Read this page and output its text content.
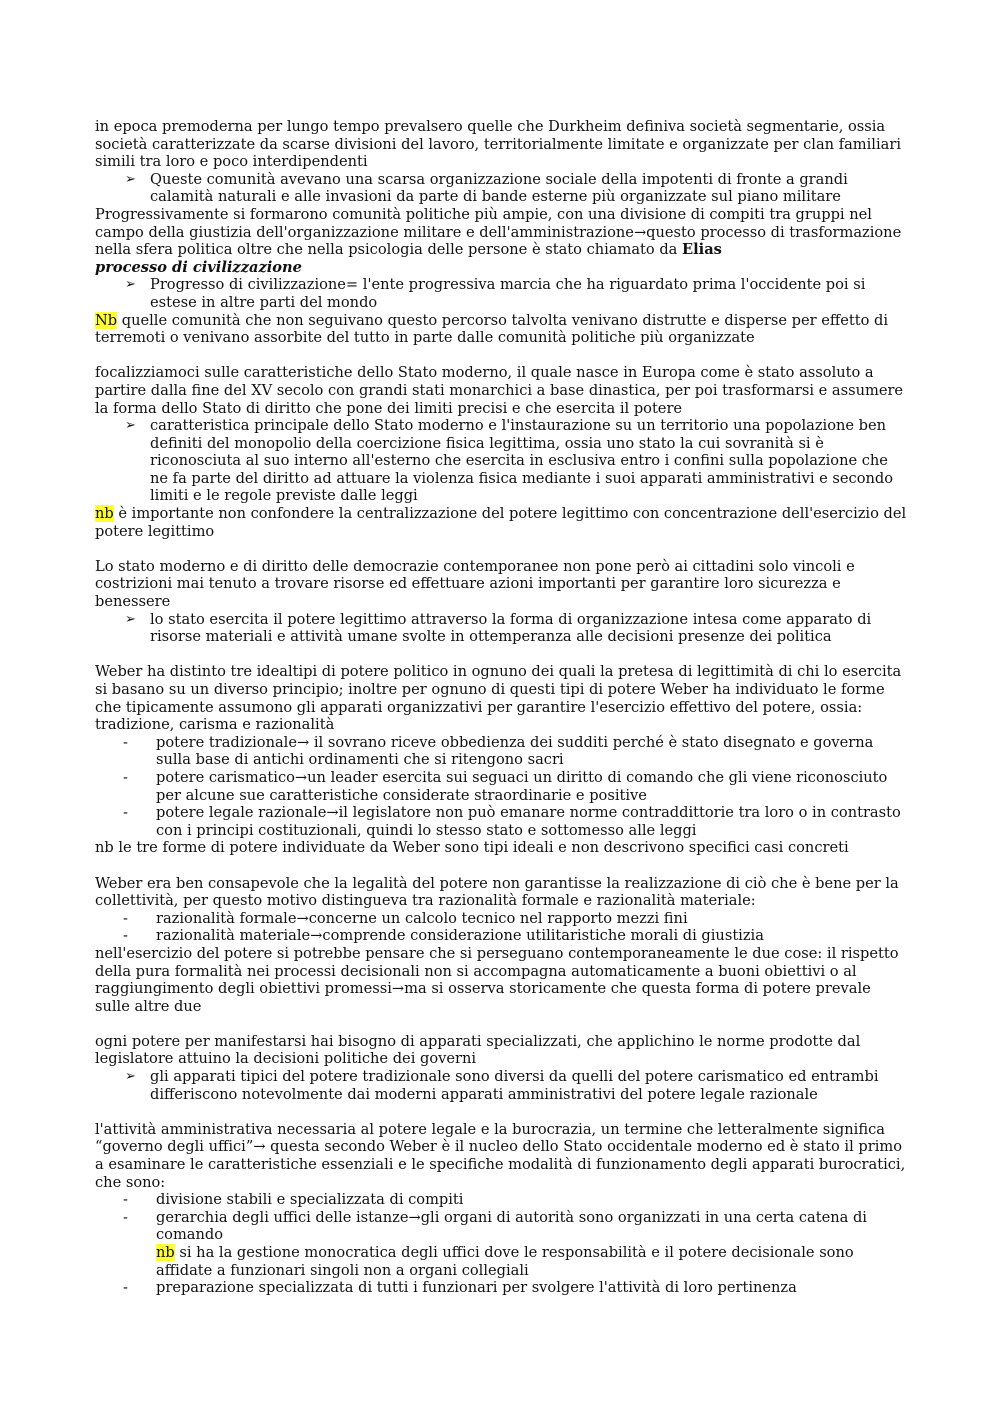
in epoca premoderna per lungo tempo prevalsero quelle che Durkheim definiva società segmentarie, ossia società caratterizzate da scarse divisioni del lavoro, territorialmente limitate e organizzate per clan familiari simili tra loro e poco interdipendenti

➢ Queste comunità avevano una scarsa organizzazione sociale della impotenti di fronte a grandi calamità naturali e alle invasioni da parte di bande esterne più organizzate sul piano militare

Progressivamente si formarono comunità politiche più ampie, con una divisione di compiti tra gruppi nel campo della giustizia dell'organizzazione militare e dell'amministrazione→questo processo di trasformazione nella sfera politica oltre che nella psicologia delle persone è stato chiamato da Elias
processo di civilizzazione

➢ Progresso di civilizzazione= l'ente progressiva marcia che ha riguardato prima l'occidente poi si estese in altre parti del mondo

Nb quelle comunità che non seguivano questo percorso talvolta venivano distrutte e disperse per effetto di terremoti o venivano assorbite del tutto in parte dalle comunità politiche più organizzate

focalizziamoci sulle caratteristiche dello Stato moderno, il quale nasce in Europa come è stato assoluto a partire dalla fine del XV secolo con grandi stati monarchici a base dinastica, per poi trasformarsi e assumere la forma dello Stato di diritto che pone dei limiti precisi e che esercita il potere

➢ caratteristica principale dello Stato moderno e l'instaurazione su un territorio una popolazione ben definiti del monopolio della coercizione fisica legittima, ossia uno stato la cui sovranità si è riconosciuta al suo interno all'esterno che esercita in esclusiva entro i confini sulla popolazione che ne fa parte del diritto ad attuare la violenza fisica mediante i suoi apparati amministrativi e secondo limiti e le regole previste dalle leggi

nb è importante non confondere la centralizzazione del potere legittimo con concentrazione dell'esercizio del potere legittimo

Lo stato moderno e di diritto delle democrazie contemporanee non pone però ai cittadini solo vincoli e costrizioni mai tenuto a trovare risorse ed effettuare azioni importanti per garantire loro sicurezza e benessere

➢ lo stato esercita il potere legittimo attraverso la forma di organizzazione intesa come apparato di risorse materiali e attività umane svolte in ottemperanza alle decisioni presenze dei politica

Weber ha distinto tre idealtipi di potere politico in ognuno dei quali la pretesa di legittimità di chi lo esercita si basano su un diverso principio; inoltre per ognuno di questi tipi di potere Weber ha individuato le forme che tipicamente assumono gli apparati organizzativi per garantire l'esercizio effettivo del potere, ossia: tradizione, carisma e razionalità

-	potere tradizionale→ il sovrano riceve obbedienza dei sudditi perché è stato disegnato e governa sulla base di antichi ordinamenti che si ritengono sacri
-	potere carismatico→un leader esercita sui seguaci un diritto di comando che gli viene riconosciuto per alcune sue caratteristiche considerate straordinarie e positive
-	potere legale razionale→il legislatore non può emanare norme contraddittorie tra loro o in contrasto con i principi costituzionali, quindi lo stesso stato e sottomesso alle leggi

nb le tre forme di potere individuate da Weber sono tipi ideali e non descrivono specifici casi concreti

Weber era ben consapevole che la legalità del potere non garantisse la realizzazione di ciò che è bene per la collettività, per questo motivo distingueva tra razionalità formale e razionalità materiale:

-	razionalità formale→concerne un calcolo tecnico nel rapporto mezzi fini
-	razionalità materiale→comprende considerazione utilitaristiche morali di giustizia

nell'esercizio del potere si potrebbe pensare che si perseguano contemporaneamente le due cose: il rispetto della pura formalità nei processi decisionali non si accompagna automaticamente a buoni obiettivi o al raggiungimento degli obiettivi promessi→ma si osserva storicamente che questa forma di potere prevale sulle altre due

ogni potere per manifestarsi hai bisogno di apparati specializzati, che applichino le norme prodotte dal legislatore attuino la decisioni politiche dei governi

➢ gli apparati tipici del potere tradizionale sono diversi da quelli del potere carismatico ed entrambi differiscono notevolmente dai moderni apparati amministrativi del potere legale razionale

l'attività amministrativa necessaria al potere legale e la burocrazia, un termine che letteralmente significa “governo degli uffici”→ questa secondo Weber è il nucleo dello Stato occidentale moderno ed è stato il primo a esaminare le caratteristiche essenziali e le specifiche modalità di funzionamento degli apparati burocratici, che sono:

-	divisione stabili e specializzata di compiti
-	gerarchia degli uffici delle istanze→gli organi di autorità sono organizzati in una certa catena di comando

nb si ha la gestione monocratica degli uffici dove le responsabilità e il potere decisionale sono affidate a funzionari singoli non a organi collegiali

-	preparazione specializzata di tutti i funzionari per svolgere l'attività di loro pertinenza
